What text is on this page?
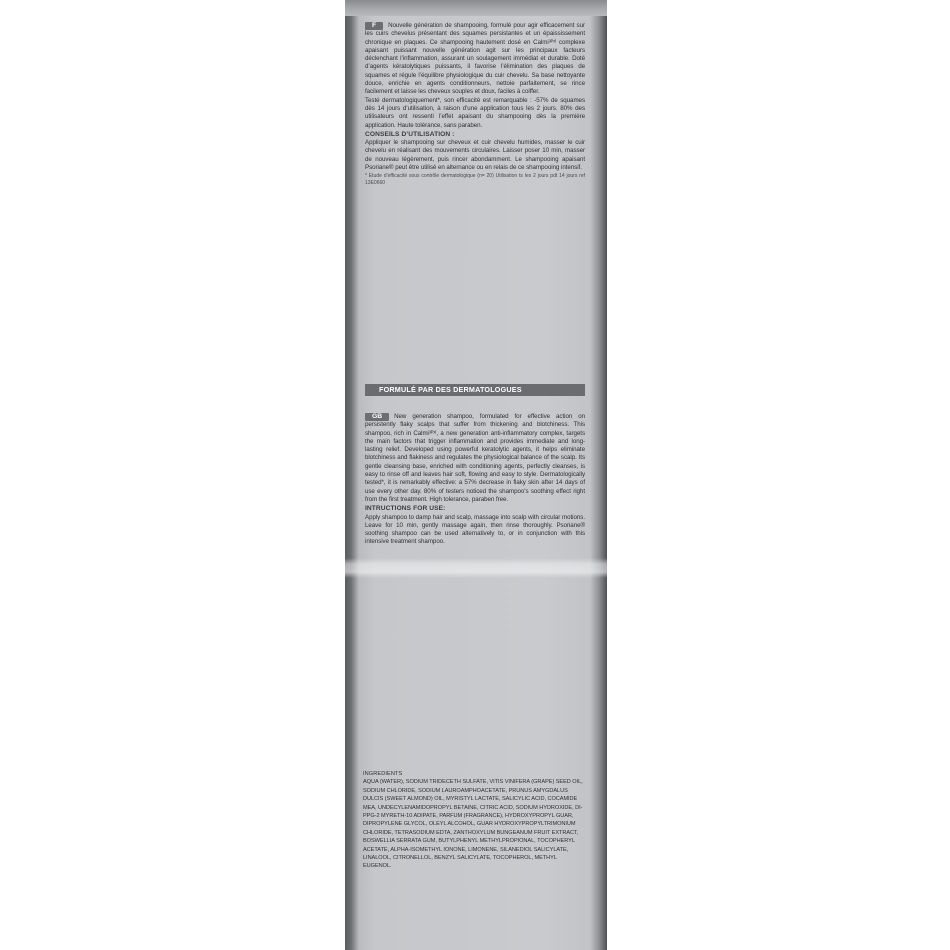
F Nouvelle génération de shampooing, formulé pour agir efficacement sur les cuirs chevelus présentant des squames persistantes et un épaississement chronique en plaques. Ce shampooing hautement dosé en Calmi³ᴾˣˡ complexe apaisant puissant nouvelle génération agit sur les principaux facteurs déclenchant l’inflammation, assurant un soulagement immédiat et durable. Doté d’agents kératolytiques puissants, il favorise l’élimination des plaques de squames et régule l’équilibre physiologique du cuir chevelu. Sa base nettoyante douce, enrichie en agents conditionneurs, nettoie parfaitement, se rince facilement et laisse les cheveux souples et doux, faciles à coiffer.

Testé dermatologiquement*, son efficacité est remarquable : -57% de squames dès 14 jours d’utilisation, à raison d’une application tous les 2 jours. 80% des utilisateurs ont ressenti l’effet apaisant du shampooing dès la première application. Haute tolérance, sans paraben.

CONSEILS D’UTILISATION :

Appliquer le shampooing sur cheveux et cuir chevelu humides, masser le cuir chevelu en réalisant des mouvements circulaires. Laisser poser 10 min, masser de nouveau légèrement, puis rincer abondamment. Le shampooing apaisant Psoriane® peut être utilisé en alternance ou en relais de ce shampooing intensif.

* Etude d’efficacité sous contrôle dermatologique (n= 20) Utilisation ts les 2 jours pdt 14 jours ref 13E0660

FORMULÉ PAR DES DERMATOLOGUES

GB New generation shampoo, formulated for effective action on persistently flaky scalps that suffer from thickening and blotchiness. This shampoo, rich in Calmi³ᴾˣˡ, a new generation anti-inflammatory complex, targets the main factors that trigger inflammation and provides immediate and long-lasting relief. Developed using powerful keratolytic agents, it helps eliminate blotchiness and flakiness and regulates the physiological balance of the scalp. Its gentle cleansing base, enriched with conditioning agents, perfectly cleanses, is easy to rinse off and leaves hair soft, flowing and easy to style. Dermatologically tested*, it is remarkably effective: a 57% decrease in flaky skin after 14 days of use every other day. 80% of testers noticed the shampoo’s soothing effect right from the first treatment. High tolerance, paraben free.

INTRUCTIONS FOR USE:

Apply shampoo to damp hair and scalp, massage into scalp with circular motions. Leave for 10 min, gently massage again, then rinse thoroughly. Psoriane® soothing shampoo can be used alternatively to, or in conjunction with this intensive treatment shampoo.

INGREDIENTS
AQUA (WATER), SODIUM TRIDECETH SULFATE, VITIS VINIFERA (GRAPE) SEED OIL, SODIUM CHLORIDE, SODIUM LAUROAMPHOACETATE, PRUNUS AMYGDALUS DULCIS (SWEET ALMOND) OIL, MYRISTYL LACTATE, SALICYLIC ACID, COCAMIDE MEA, UNDECYLENAMIDOPROPYL BETAINE, CITRIC ACID, SODIUM HYDROXIDE, DI-PPG-2 MYRETH-10 ADIPATE, PARFUM (FRAGRANCE), HYDROXYPROPYL GUAR, DIPROPYLENE GLYCOL, OLEYL ALCOHOL, GUAR HYDROXYPROPYLTRIMONIUM CHLORIDE, TETRASODIUM EDTA, ZANTHOXYLUM BUNGEANUM FRUIT EXTRACT, BOSWELLIA SERRATA GUM, BUTYLPHENYL METHYLPROPIONAL, TOCOPHERYL ACETATE, ALPHA-ISOMETHYL IONONE, LIMONENE, SILANEDIOL SALICYLATE, LINALOOL, CITRONELLOL, BENZYL SALICYLATE, TOCOPHEROL, METHYL EUGENOL.
